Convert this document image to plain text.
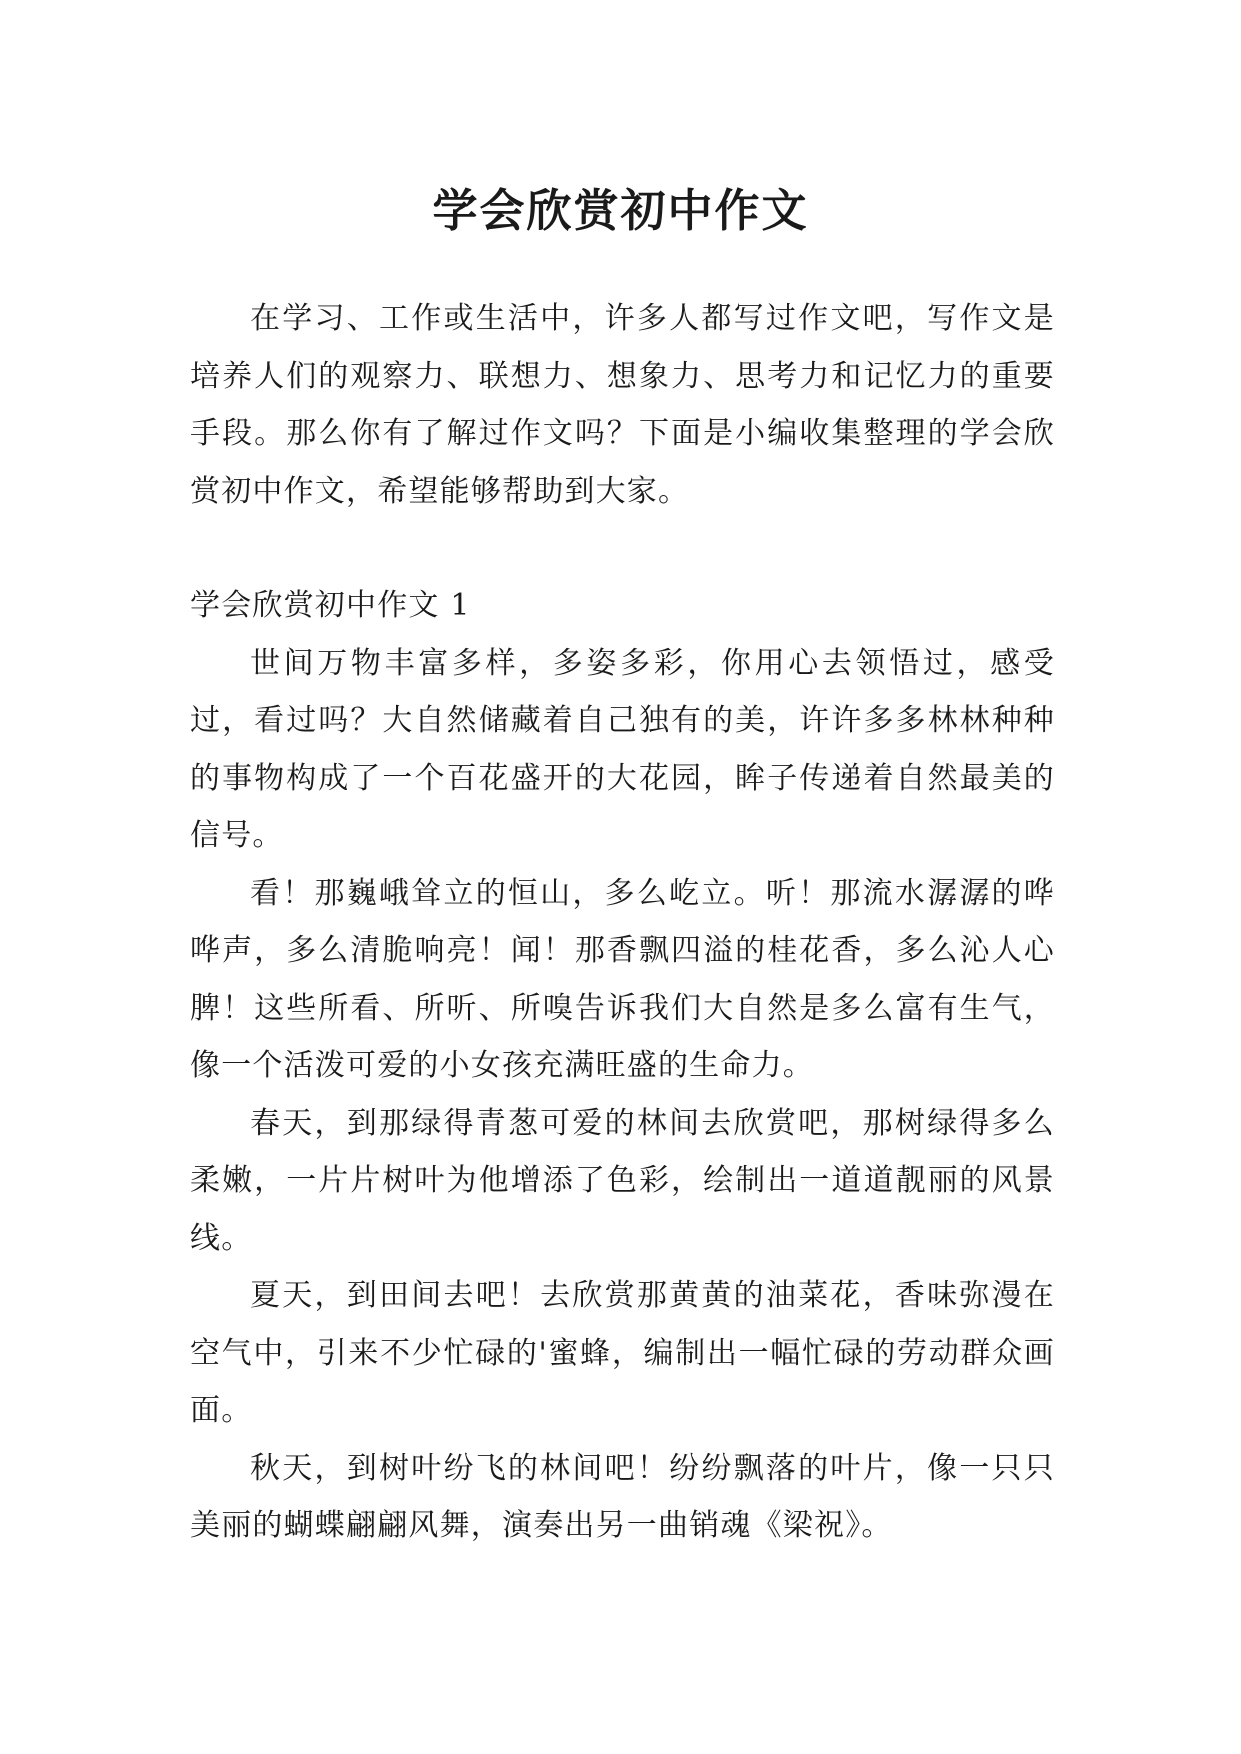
学会欣赏初中作文

在学习、工作或生活中，许多人都写过作文吧，写作文是培养人们的观察力、联想力、想象力、思考力和记忆力的重要手段。那么你有了解过作文吗？下面是小编收集整理的学会欣赏初中作文，希望能够帮助到大家。

学会欣赏初中作文 1

世间万物丰富多样，多姿多彩，你用心去领悟过，感受过，看过吗？大自然储藏着自己独有的美，许许多多林林种种的事物构成了一个百花盛开的大花园，眸子传递着自然最美的信号。

看！那巍峨耸立的恒山，多么屹立。听！那流水潺潺的哗哗声，多么清脆响亮！闻！那香飘四溢的桂花香，多么沁人心脾！这些所看、所听、所嗅告诉我们大自然是多么富有生气，像一个活泼可爱的小女孩充满旺盛的生命力。

春天，到那绿得青葱可爱的林间去欣赏吧，那树绿得多么柔嫩，一片片树叶为他增添了色彩，绘制出一道道靓丽的风景线。

夏天，到田间去吧！去欣赏那黄黄的油菜花，香味弥漫在空气中，引来不少忙碌的'蜜蜂，编制出一幅忙碌的劳动群众画面。

秋天，到树叶纷飞的林间吧！纷纷飘落的叶片，像一只只美丽的蝴蝶翩翩风舞，演奏出另一曲销魂《梁祝》。
